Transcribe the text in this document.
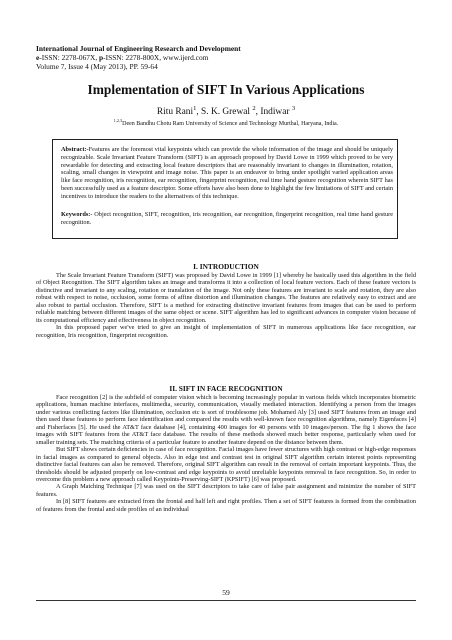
International Journal of Engineering Research and Development
e-ISSN: 2278-067X, p-ISSN: 2278-800X, www.ijerd.com
Volume 7, Issue 4 (May 2013), PP. 59-64
Implementation of SIFT In Various Applications
Ritu Rani$^1$, S. K. Grewal $^2$, Indiwar $^3$
$^{1,2,3}$Deen Bandhu Chotu Ram University of Science and Technology Murthal, Haryana, India.
Abstract:-Features are the foremost vital keypoints which can provide the whole information of the image and should be uniquely recognizable. Scale Invariant Feature Transform (SIFT) is an approach proposed by David Lowe in 1999 which proved to be very rewardable for detecting and extracting local feature descriptors that are reasonably invariant to changes in illumination, rotation, scaling, small changes in viewpoint and image noise. This paper is an endeavor to bring under spotlight varied application areas like face recognition, iris recognition, ear recognition, fingerprint recognition, real time hand gesture recognition wherein SIFT has been successfully used as a feature descriptor. Some efforts have also been done to highlight the few limitations of SIFT and certain incentives to introduce the readers to the alternatives of this technique.
Keywords:- Object recognition, SIFT, recognition, iris recognition, ear recognition, fingerprint recognition, real time hand gesture recognition.
I. INTRODUCTION

The Scale Invariant Feature Transform (SIFT) was proposed by David Lowe in 1999 [1] whereby he basically used this algorithm in the field of Object Recognition. The SIFT algorithm takes an image and transforms it into a collection of local feature vectors. Each of these feature vectors is distinctive and invariant to any scaling, rotation or translation of the image. Not only these features are invariant to scale and rotation, they are also robust with respect to noise, occlusion, some forms of affine distortion and illumination changes. The features are relatively easy to extract and are also robust to partial occlusion. Therefore, SIFT is a method for extracting distinctive invariant features from images that can be used to perform reliable matching between different images of the same object or scene. SIFT algorithm has led to significant advances in computer vision because of its computational efficiency and effectiveness in object recognition.

In this proposed paper we've tried to give an insight of implementation of SIFT in numerous applications like face recognition, ear recognition, Iris recognition, fingerprint recognition.

II. SIFT IN FACE RECOGNITION

Face recognition [2] is the subfield of computer vision which is becoming increasingly popular in various fields which incorporates biometric applications, human machine interfaces, multimedia, security, communication, visually mediated interaction. Identifying a person from the images under various conflicting factors like illumination, occlusion etc is sort of troublesome job. Mohamed Aly [3] used SIFT features from an image and then used these features to perform face identification and compared the results with well-known face recognition algorithms, namely Eigenfaces [4] and Fisherfaces [5]. He used the AT&T face database [4], containing 400 images for 40 persons with 10 images/person. The fig 1 shows the face images with SIFT features from the AT&T face database. The results of these methods showed much better response, particularly when used for smaller training sets. The matching criteria of a particular feature to another feature depend on the distance between them.

But SIFT shows certain deficiencies in case of face recognition. Facial images have fewer structures with high contrast or high-edge responses in facial images as compared to general objects. Also in edge test and contrast test in original SIFT algorithm certain interest points representing distinctive facial features can also be removed. Therefore, original SIFT algorithm can result in the removal of certain important keypoints. Thus, the thresholds should be adjusted properly on low-contrast and edge keypoints to avoid unreliable keypoints removal in face recognition. So, in order to overcome this problem a new approach called Keypoints-Preserving-SIFT (KPSIFT) [6] was proposed.

A Graph Matching Technique [7] was used on the SIFT descriptors to take care of false pair assignment and minimize the number of SIFT features.

In [8] SIFT features are extracted from the frontal and half left and right profiles. Then a set of SIFT features is formed from the combination of features from the frontal and side profiles of an individual

59
